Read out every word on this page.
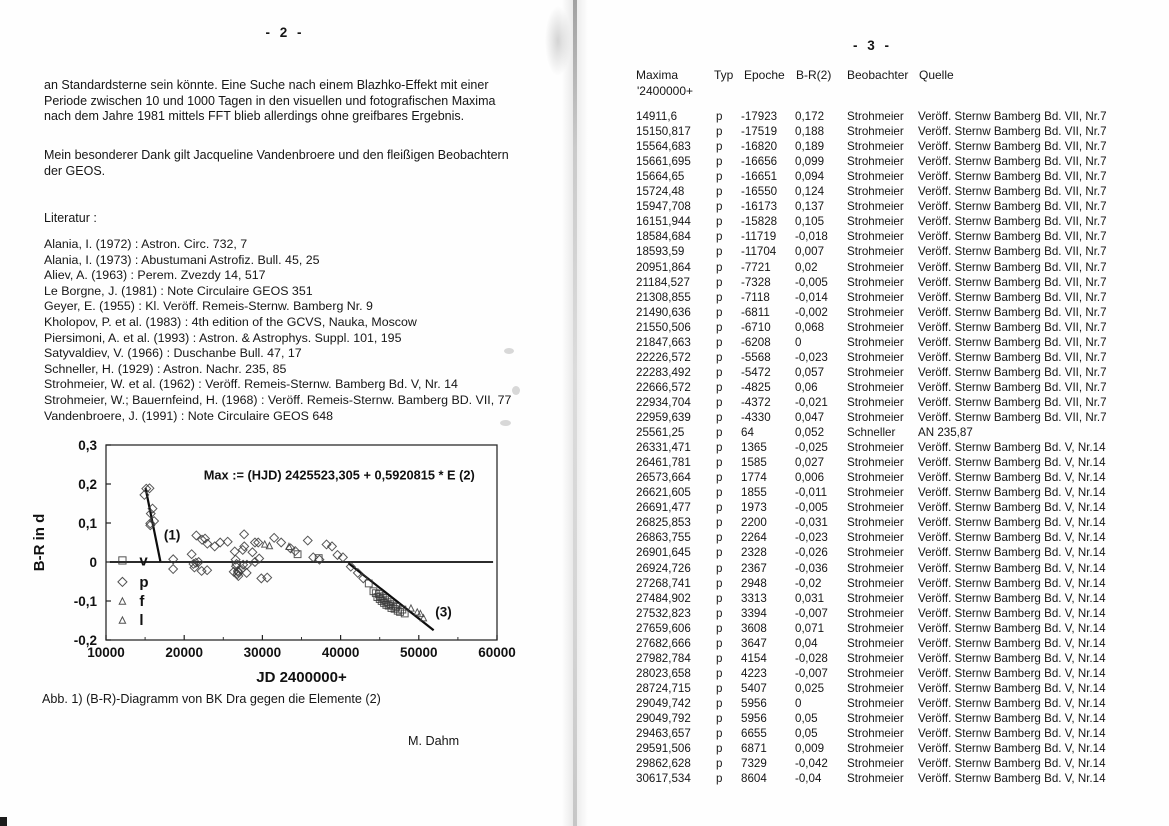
- 2 -
an Standardsterne sein könnte. Eine Suche nach einem Blazhko-Effekt mit einer
Periode zwischen 10 und 1000 Tagen in den visuellen und fotografischen Maxima
nach dem Jahre 1981 mittels FFT blieb allerdings ohne greifbares Ergebnis.
Mein besonderer Dank gilt Jacqueline Vandenbroere und den fleißigen Beobachtern
der GEOS.
Literatur :
Alania, I. (1972) : Astron. Circ. 732, 7
Alania, I. (1973) : Abustumani Astrofiz. Bull. 45, 25
Aliev, A. (1963) : Perem. Zvezdy 14, 517
Le Borgne, J. (1981) : Note Circulaire GEOS 351
Geyer, E. (1955) : Kl. Veröff. Remeis-Sternw. Bamberg Nr. 9
Kholopov, P. et al. (1983) : 4th edition of the GCVS, Nauka, Moscow
Piersimoni, A. et al. (1993) : Astron. & Astrophys. Suppl. 101, 195
Satyvaldiev, V. (1966) : Duschanbe Bull. 47, 17
Schneller, H. (1929) : Astron. Nachr. 235, 85
Strohmeier, W. et al. (1962) : Veröff. Remeis-Sternw. Bamberg Bd. V, Nr. 14
Strohmeier, W.; Bauernfeind, H. (1968) : Veröff. Remeis-Sternw. Bamberg BD. VII, 77
Vandenbroere, J. (1991) : Note Circulaire GEOS 648
10000	20000	30000	40000	50000	60000
0,3
0,2
0,1
0
-0,1
-0,2
JD 2400000+
B-R in d
Max := (HJD) 2425523,305 + 0,5920815 * E (2)
(1)
(3)
v
p
f
l
Abb. 1) (B-R)-Diagramm von BK Dra gegen die Elemente (2)
M. Dahm
- 3 -
Maxima	Typ Epoche B-R(2) Beobachter Quelle
'2400000+
14911,6	p -17923 0,172 Strohmeier Veröff. Sternw Bamberg Bd. VII, Nr.7
15150,817 p -17519 0,188 Strohmeier Veröff. Sternw Bamberg Bd. VII, Nr.7
15564,683 p -16820 0,189 Strohmeier Veröff. Sternw Bamberg Bd. VII, Nr.7
15661,695 p -16656 0,099 Strohmeier Veröff. Sternw Bamberg Bd. VII, Nr.7
15664,65	p -16651 0,094 Strohmeier Veröff. Sternw Bamberg Bd. VII, Nr.7
15724,48	p -16550 0,124 Strohmeier Veröff. Sternw Bamberg Bd. VII, Nr.7
15947,708 p -16173 0,137 Strohmeier Veröff. Sternw Bamberg Bd. VII, Nr.7
16151,944 p -15828 0,105 Strohmeier Veröff. Sternw Bamberg Bd. VII, Nr.7
18584,684 p -11719 -0,018 Strohmeier Veröff. Sternw Bamberg Bd. VII, Nr.7
18593,59	p -11704 0,007 Strohmeier Veröff. Sternw Bamberg Bd. VII, Nr.7
20951,864 p -7721 0,02	Strohmeier Veröff. Sternw Bamberg Bd. VII, Nr.7
21184,527 p -7328 -0,005 Strohmeier Veröff. Sternw Bamberg Bd. VII, Nr.7
21308,855 p -7118 -0,014 Strohmeier Veröff. Sternw Bamberg Bd. VII, Nr.7
21490,636 p -6811 -0,002 Strohmeier Veröff. Sternw Bamberg Bd. VII, Nr.7
21550,506 p -6710 0,068 Strohmeier Veröff. Sternw Bamberg Bd. VII, Nr.7
21847,663 p -6208 0	Strohmeier Veröff. Sternw Bamberg Bd. VII, Nr.7
22226,572 p -5568 -0,023 Strohmeier Veröff. Sternw Bamberg Bd. VII, Nr.7
22283,492 p -5472 0,057 Strohmeier Veröff. Sternw Bamberg Bd. VII, Nr.7
22666,572 p -4825 0,06	Strohmeier Veröff. Sternw Bamberg Bd. VII, Nr.7
22934,704 p -4372 -0,021 Strohmeier Veröff. Sternw Bamberg Bd. VII, Nr.7
22959,639 p -4330 0,047 Strohmeier Veröff. Sternw Bamberg Bd. VII, Nr.7
25561,25	p 64	0,052 Schneller AN 235,87
26331,471 p 1365 -0,025 Strohmeier Veröff. Sternw Bamberg Bd. V, Nr.14
26461,781 p 1585 0,027 Strohmeier Veröff. Sternw Bamberg Bd. V, Nr.14
26573,664 p 1774 0,006 Strohmeier Veröff. Sternw Bamberg Bd. V, Nr.14
26621,605 p 1855 -0,011 Strohmeier Veröff. Sternw Bamberg Bd. V, Nr.14
26691,477 p 1973 -0,005 Strohmeier Veröff. Sternw Bamberg Bd. V, Nr.14
26825,853 p 2200 -0,031 Strohmeier Veröff. Sternw Bamberg Bd. V, Nr.14
26863,755 p 2264 -0,023 Strohmeier Veröff. Sternw Bamberg Bd. V, Nr.14
26901,645 p 2328 -0,026 Strohmeier Veröff. Sternw Bamberg Bd. V, Nr.14
26924,726 p 2367 -0,036 Strohmeier Veröff. Sternw Bamberg Bd. V, Nr.14
27268,741 p 2948 -0,02 Strohmeier Veröff. Sternw Bamberg Bd. V, Nr.14
27484,902 p 3313 0,031 Strohmeier Veröff. Sternw Bamberg Bd. V, Nr.14
27532,823 p 3394 -0,007 Strohmeier Veröff. Sternw Bamberg Bd. V, Nr.14
27659,606 p 3608 0,071 Strohmeier Veröff. Sternw Bamberg Bd. V, Nr.14
27682,666 p 3647 0,04	Strohmeier Veröff. Sternw Bamberg Bd. V, Nr.14
27982,784 p 4154 -0,028 Strohmeier Veröff. Sternw Bamberg Bd. V, Nr.14
28023,658 p 4223 -0,007 Strohmeier Veröff. Sternw Bamberg Bd. V, Nr.14
28724,715 p 5407 0,025 Strohmeier Veröff. Sternw Bamberg Bd. V, Nr.14
29049,742 p 5956 0	Strohmeier Veröff. Sternw Bamberg Bd. V, Nr.14
29049,792 p 5956 0,05	Strohmeier Veröff. Sternw Bamberg Bd. V, Nr.14
29463,657 p 6655 0,05	Strohmeier Veröff. Sternw Bamberg Bd. V, Nr.14
29591,506 p 6871 0,009 Strohmeier Veröff. Sternw Bamberg Bd. V, Nr.14
29862,628 p 7329 -0,042 Strohmeier Veröff. Sternw Bamberg Bd. V, Nr.14
30617,534 p 8604 -0,04 Strohmeier Veröff. Sternw Bamberg Bd. V, Nr.14
